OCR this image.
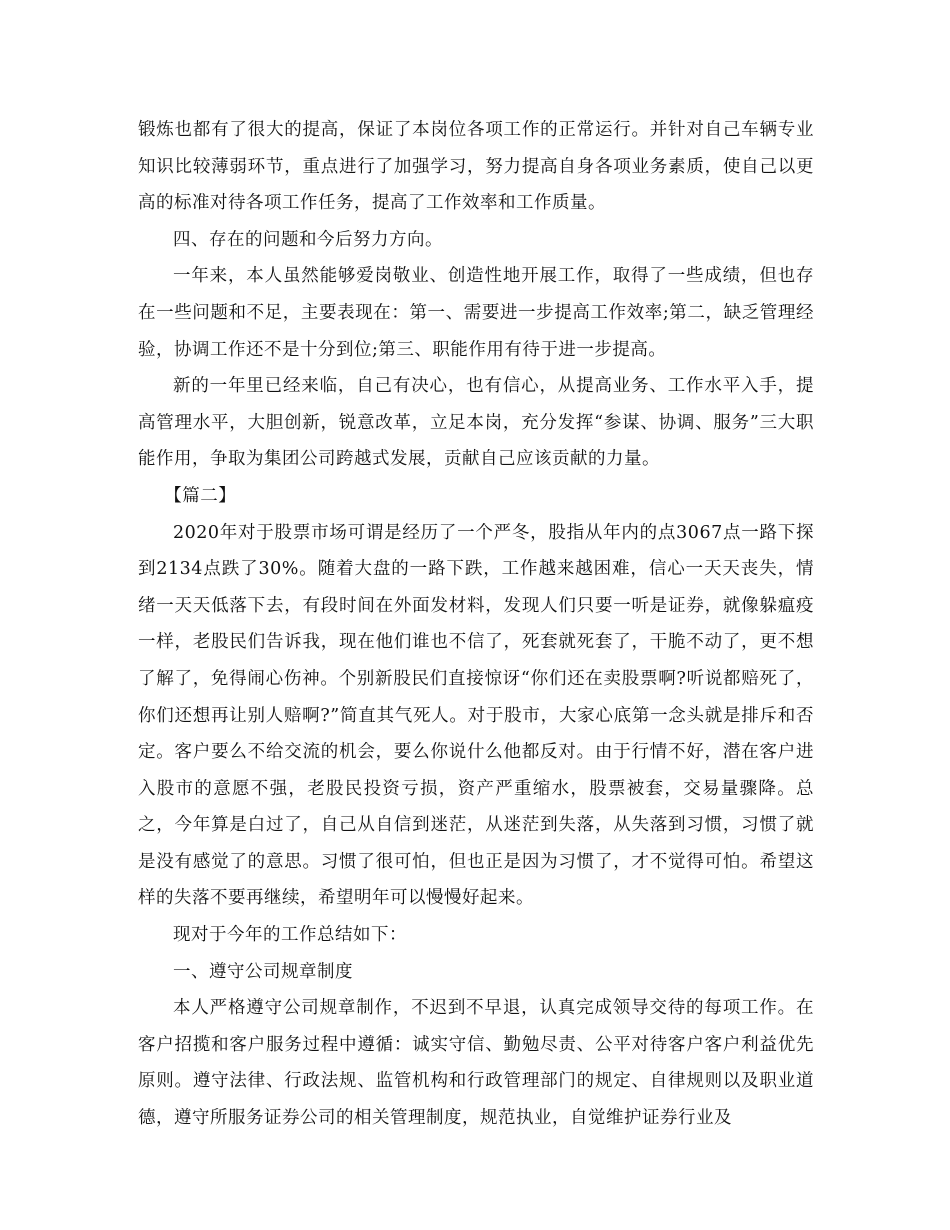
锻炼也都有了很大的提高，保证了本岗位各项工作的正常运行。并针对自己车辆专业知识比较薄弱环节，重点进行了加强学习，努力提高自身各项业务素质，使自己以更高的标准对待各项工作任务，提高了工作效率和工作质量。

四、存在的问题和今后努力方向。

一年来，本人虽然能够爱岗敬业、创造性地开展工作，取得了一些成绩，但也存在一些问题和不足，主要表现在：第一、需要进一步提高工作效率;第二，缺乏管理经验，协调工作还不是十分到位;第三、职能作用有待于进一步提高。

新的一年里已经来临，自己有决心，也有信心，从提高业务、工作水平入手，提高管理水平，大胆创新，锐意改革，立足本岗，充分发挥“参谋、协调、服务”三大职能作用，争取为集团公司跨越式发展，贡献自己应该贡献的力量。

【篇二】

2020年对于股票市场可谓是经历了一个严冬，股指从年内的点3067点一路下探到2134点跌了30%。随着大盘的一路下跌，工作越来越困难，信心一天天丧失，情绪一天天低落下去，有段时间在外面发材料，发现人们只要一听是证券，就像躲瘟疫一样，老股民们告诉我，现在他们谁也不信了，死套就死套了，干脆不动了，更不想了解了，免得闹心伤神。个别新股民们直接惊讶“你们还在卖股票啊?听说都赔死了，你们还想再让别人赔啊?”简直其气死人。对于股市，大家心底第一念头就是排斥和否定。客户要么不给交流的机会，要么你说什么他都反对。由于行情不好，潜在客户进入股市的意愿不强，老股民投资亏损，资产严重缩水，股票被套，交易量骤降。总之，今年算是白过了，自己从自信到迷茫，从迷茫到失落，从失落到习惯，习惯了就是没有感觉了的意思。习惯了很可怕，但也正是因为习惯了，才不觉得可怕。希望这样的失落不要再继续，希望明年可以慢慢好起来。

现对于今年的工作总结如下：

一、遵守公司规章制度

本人严格遵守公司规章制作，不迟到不早退，认真完成领导交待的每项工作。在客户招揽和客户服务过程中遵循：诚实守信、勤勉尽责、公平对待客户客户利益优先原则。遵守法律、行政法规、监管机构和行政管理部门的规定、自律规则以及职业道德，遵守所服务证券公司的相关管理制度，规范执业，自觉维护证券行业及
